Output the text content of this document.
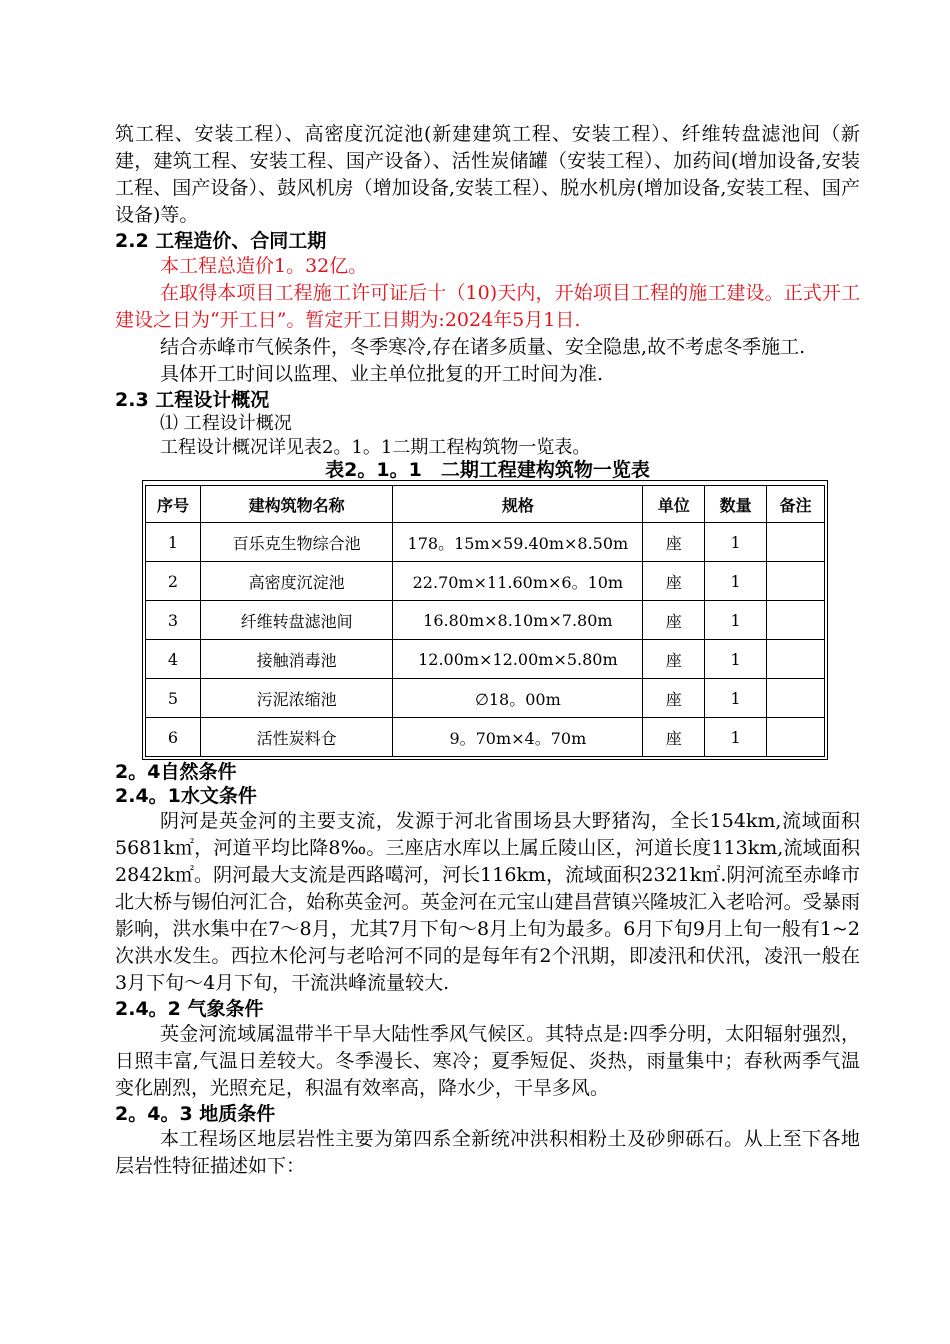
筑工程、安装工程）、高密度沉淀池(新建建筑工程、安装工程）、纤维转盘滤池间（新建，建筑工程、安装工程、国产设备）、活性炭储罐（安装工程）、加药间(增加设备,安装工程、国产设备）、鼓风机房（增加设备,安装工程）、脱水机房(增加设备,安装工程、国产设备)等。

2.2 工程造价、合同工期

本工程总造价1。32亿。

在取得本项目工程施工许可证后十（10)天内，开始项目工程的施工建设。正式开工建设之日为“开工日”。暂定开工日期为:2024年5月1日.

结合赤峰市气候条件，冬季寒冷,存在诸多质量、安全隐患,故不考虑冬季施工.

具体开工时间以监理、业主单位批复的开工时间为准.

2.3 工程设计概况

⑴ 工程设计概况

工程设计概况详见表2。1。1二期工程构筑物一览表。

表2。1。1　二期工程建构筑物一览表

序号	建构筑物名称	规格	单位	数量	备注
1	百乐克生物综合池	178。15m×59.40m×8.50m	座	1	
2	高密度沉淀池	22.70m×11.60m×6。10m	座	1	
3	纤维转盘滤池间	16.80m×8.10m×7.80m	座	1	
4	接触消毒池	12.00m×12.00m×5.80m	座	1	
5	污泥浓缩池	∅18。00m	座	1	
6	活性炭料仓	9。70m×4。70m	座	1	

2。4自然条件

2.4。1水文条件

阴河是英金河的主要支流，发源于河北省围场县大野猪沟，全长154km,流域面积5681k㎡，河道平均比降8‰。三座店水库以上属丘陵山区，河道长度113km,流域面积2842k㎡。阴河最大支流是西路噶河，河长116km，流域面积2321k㎡.阴河流至赤峰市北大桥与锡伯河汇合，始称英金河。英金河在元宝山建昌营镇兴隆坡汇入老哈河。受暴雨影响，洪水集中在7～8月，尤其7月下旬～8月上旬为最多。6月下旬9月上旬一般有1~2次洪水发生。西拉木伦河与老哈河不同的是每年有2个汛期，即凌汛和伏汛，凌汛一般在3月下旬～4月下旬，干流洪峰流量较大.

2.4。2 气象条件

英金河流域属温带半干旱大陆性季风气候区。其特点是:四季分明，太阳辐射强烈，日照丰富,气温日差较大。冬季漫长、寒冷；夏季短促、炎热，雨量集中；春秋两季气温变化剧烈，光照充足，积温有效率高，降水少，干旱多风。

2。4。3 地质条件

本工程场区地层岩性主要为第四系全新统冲洪积相粉土及砂卵砾石。从上至下各地层岩性特征描述如下：
